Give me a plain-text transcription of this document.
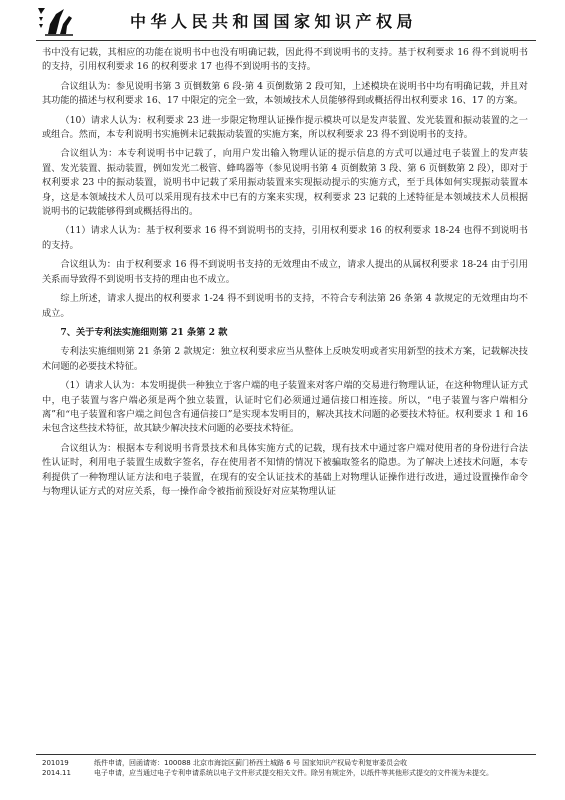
中华人民共和国国家知识产权局

书中没有记载，其相应的功能在说明书中也没有明确记载，因此得不到说明书的支持。基于权利要求 16 得不到说明书的支持，引用权利要求 16 的权利要求 17 也得不到说明书的支持。

合议组认为：参见说明书第 3 页倒数第 6 段-第 4 页倒数第 2 段可知，上述模块在说明书中均有明确记载，并且对其功能的描述与权利要求 16、17 中限定的完全一致，本领域技术人员能够得到或概括得出权利要求 16、17 的方案。

（10）请求人认为：权利要求 23 进一步限定物理认证操作提示模块可以是发声装置、发光装置和振动装置的之一或组合。然而，本专利说明书实施例未记载振动装置的实施方案，所以权利要求 23 得不到说明书的支持。

合议组认为：本专利说明书中记载了，向用户发出输入物理认证的提示信息的方式可以通过电子装置上的发声装置、发光装置、振动装置，例如发光二极管、蜂鸣器等（参见说明书第 4 页倒数第 3 段、第 6 页倒数第 2 段），即对于权利要求 23 中的振动装置，说明书中记载了采用振动装置来实现振动提示的实施方式，至于具体如何实现振动装置本身，这是本领域技术人员可以采用现有技术中已有的方案来实现，权利要求 23 记载的上述特征是本领域技术人员根据说明书的记载能够得到或概括得出的。

（11）请求人认为：基于权利要求 16 得不到说明书的支持，引用权利要求 16 的权利要求 18-24 也得不到说明书的支持。

合议组认为：由于权利要求 16 得不到说明书支持的无效理由不成立，请求人提出的从属权利要求 18-24 由于引用关系而导致得不到说明书支持的理由也不成立。

综上所述，请求人提出的权利要求 1-24 得不到说明书的支持，不符合专利法第 26 条第 4 款规定的无效理由均不成立。

7、关于专利法实施细则第 21 条第 2 款

专利法实施细则第 21 条第 2 款规定：独立权利要求应当从整体上反映发明或者实用新型的技术方案，记载解决技术问题的必要技术特征。

（1）请求人认为：本发明提供一种独立于客户端的电子装置来对客户端的交易进行物理认证，在这种物理认证方式中，电子装置与客户端必须是两个独立装置，认证时它们必须通过通信接口相连接。所以，“电子装置与客户端相分离”和“电子装置和客户端之间包含有通信接口”是实现本发明目的，解决其技术问题的必要技术特征。权利要求 1 和 16 未包含这些技术特征，故其缺少解决技术问题的必要技术特征。

合议组认为：根据本专利说明书背景技术和具体实施方式的记载，现有技术中通过客户端对使用者的身份进行合法性认证时，利用电子装置生成数字签名，存在使用者不知情的情况下被骗取签名的隐患。为了解决上述技术问题，本专利提供了一种物理认证方法和电子装置，在现有的安全认证技术的基础上对物理认证操作进行改进，通过设置操作命令与物理认证方式的对应关系，每一操作命令被指前预设好对应某物理认证

201019	纸件申请，回函请寄：100088 北京市海淀区蓟门桥西土城路 6 号 国家知识产权局专利复审委员会收
2014.11	电子申请，应当通过电子专利申请系统以电子文件形式提交相关文件。除另有规定外，以纸件等其他形式提交的文件视为未提交。
